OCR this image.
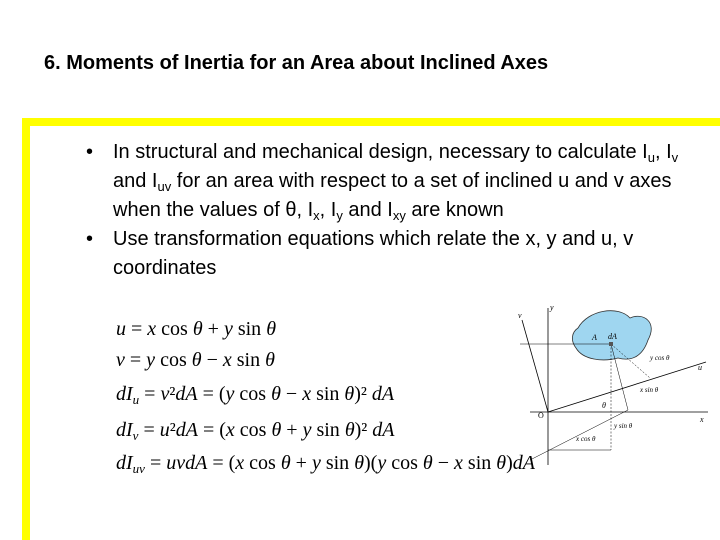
6. Moments of Inertia for an Area about Inclined Axes
• In structural and mechanical design, necessary to calculate $I_u$, $I_v$ and $I_{uv}$ for an area with respect to a set of inclined u and v axes when the values of θ, $I_x$, $I_y$ and $I_{xy}$ are known
• Use transformation equations which relate the x, y and u, v coordinates
u = x cos θ + y sin θ
v = y cos θ − x sin θ
$dI_u = v^2dA = (y$ cos θ − x sin θ)² dA
$dI_v = u^2dA = (x$ cos θ + y sin θ)² dA
$dI_{uv}$ = uvdA = (x cos θ + y sin θ)(y cos θ − x sin θ)dA
y
v
u
x
O
dA
A
θ
y cos θ
x sin θ
y sin θ
x cos θ
